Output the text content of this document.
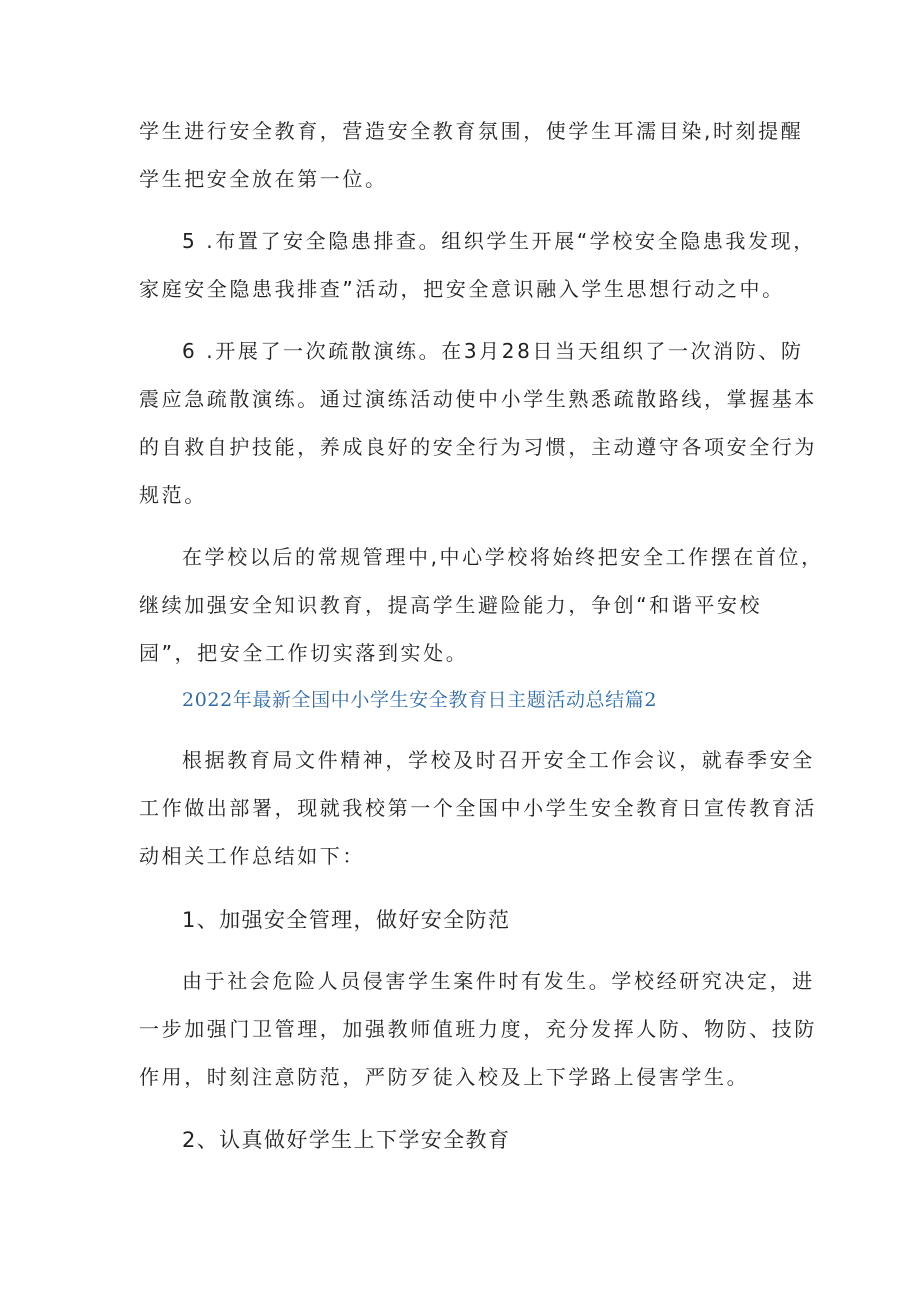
学生进行安全教育，营造安全教育氛围，使学生耳濡目染,时刻提醒
学生把安全放在第一位。
5 .布置了安全隐患排查。组织学生开展“学校安全隐患我发现，
家庭安全隐患我排查”活动，把安全意识融入学生思想行动之中。
6 .开展了一次疏散演练。在3月28日当天组织了一次消防、防
震应急疏散演练。通过演练活动使中小学生熟悉疏散路线，掌握基本
的自救自护技能，养成良好的安全行为习惯，主动遵守各项安全行为
规范。
在学校以后的常规管理中,中心学校将始终把安全工作摆在首位，
继续加强安全知识教育，提高学生避险能力，争创“和谐平安校
园”，把安全工作切实落到实处。
2022年最新全国中小学生安全教育日主题活动总结篇2
根据教育局文件精神，学校及时召开安全工作会议，就春季安全
工作做出部署，现就我校第一个全国中小学生安全教育日宣传教育活
动相关工作总结如下：
1、加强安全管理，做好安全防范
由于社会危险人员侵害学生案件时有发生。学校经研究决定，进
一步加强门卫管理，加强教师值班力度，充分发挥人防、物防、技防
作用，时刻注意防范，严防歹徒入校及上下学路上侵害学生。
2、认真做好学生上下学安全教育
